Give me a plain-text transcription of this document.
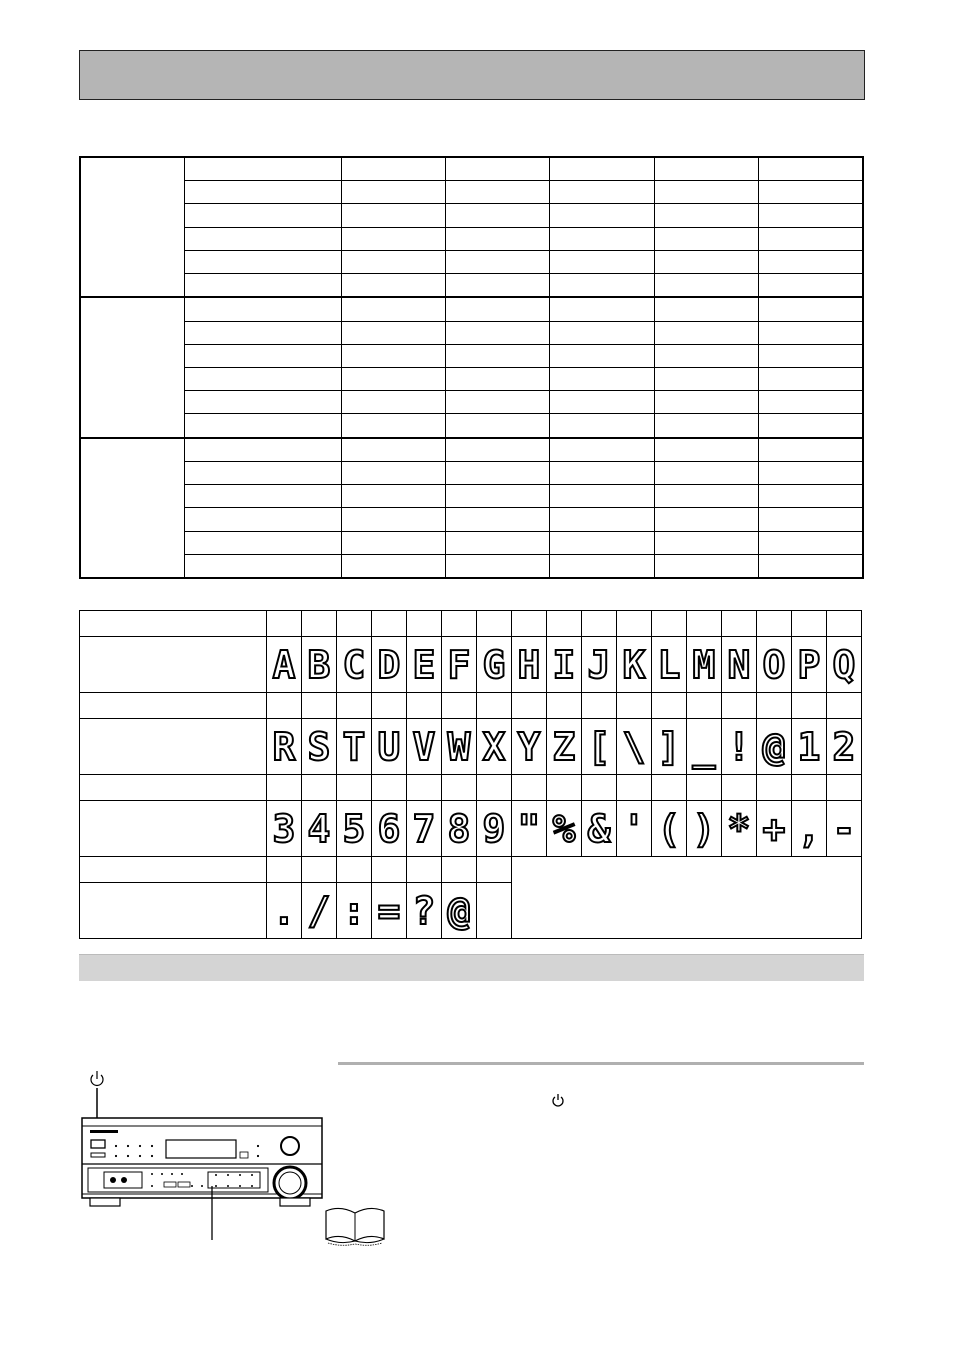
	A	B	C	D	E	F	G	H	I	J	K	L	M	N	O	P	Q

	R	S	T	U	V	W	X	Y	Z	[	\	]	_	!	@	1	2

	3	4	5	6	7	8	9	"	%	&	'	(	)	*	+	,	-

	.	/	:	=	?	@											
